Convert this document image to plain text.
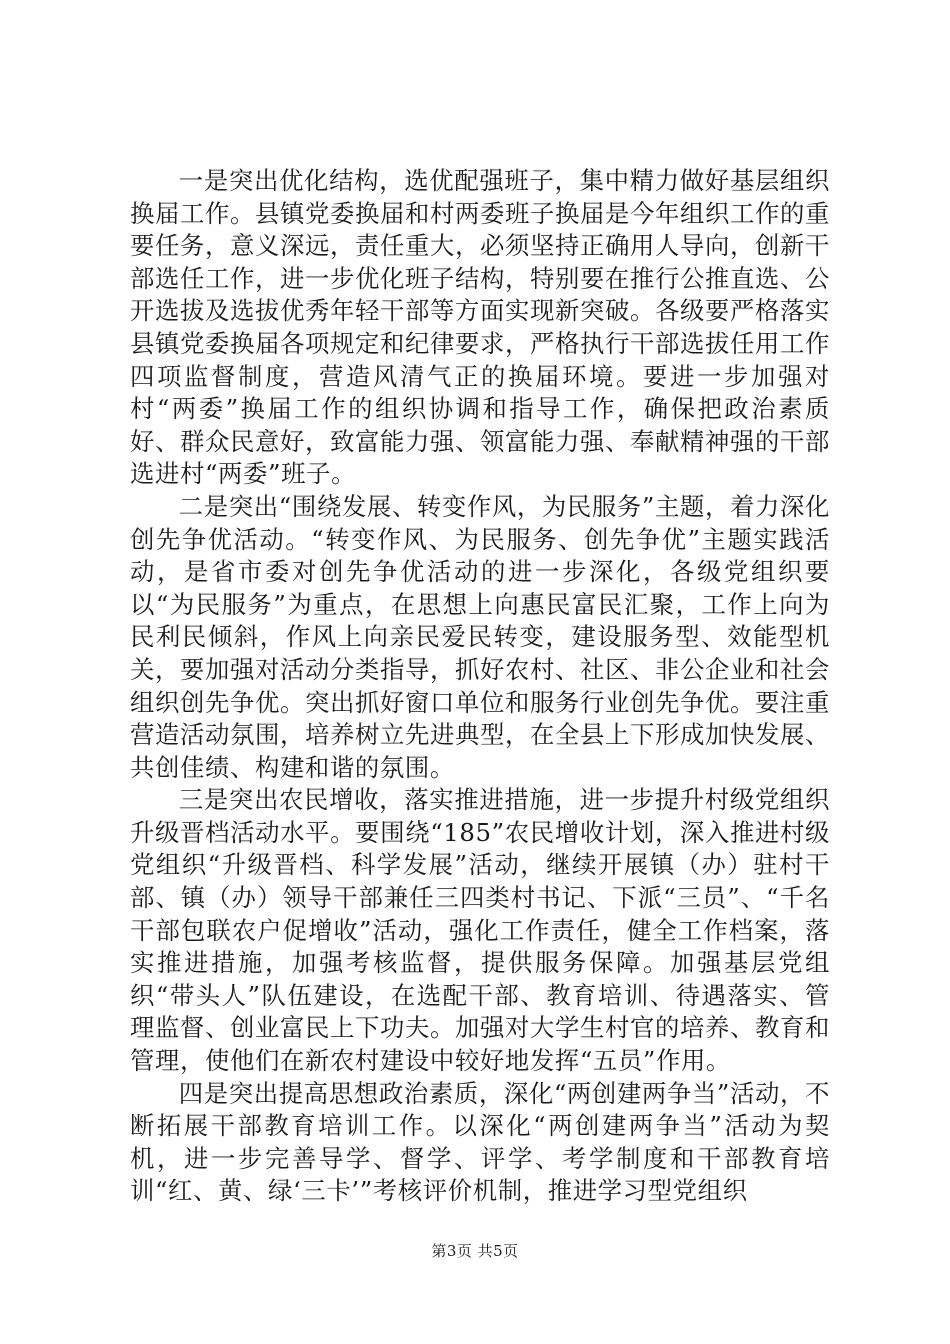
一是突出优化结构，选优配强班子，集中精力做好基层组织换届工作。县镇党委换届和村两委班子换届是今年组织工作的重要任务，意义深远，责任重大，必须坚持正确用人导向，创新干部选任工作，进一步优化班子结构，特别要在推行公推直选、公开选拔及选拔优秀年轻干部等方面实现新突破。各级要严格落实县镇党委换届各项规定和纪律要求，严格执行干部选拔任用工作四项监督制度，营造风清气正的换届环境。要进一步加强对村“两委”换届工作的组织协调和指导工作，确保把政治素质好、群众民意好，致富能力强、领富能力强、奉献精神强的干部选进村“两委”班子。

二是突出“围绕发展、转变作风，为民服务”主题，着力深化创先争优活动。“转变作风、为民服务、创先争优”主题实践活动，是省市委对创先争优活动的进一步深化，各级党组织要以“为民服务”为重点，在思想上向惠民富民汇聚，工作上向为民利民倾斜，作风上向亲民爱民转变，建设服务型、效能型机关，要加强对活动分类指导，抓好农村、社区、非公企业和社会组织创先争优。突出抓好窗口单位和服务行业创先争优。要注重营造活动氛围，培养树立先进典型，在全县上下形成加快发展、共创佳绩、构建和谐的氛围。

三是突出农民增收，落实推进措施，进一步提升村级党组织升级晋档活动水平。要围绕“185”农民增收计划，深入推进村级党组织“升级晋档、科学发展”活动，继续开展镇（办）驻村干部、镇（办）领导干部兼任三四类村书记、下派“三员”、“千名干部包联农户促增收”活动，强化工作责任，健全工作档案，落实推进措施，加强考核监督，提供服务保障。加强基层党组织“带头人”队伍建设，在选配干部、教育培训、待遇落实、管理监督、创业富民上下功夫。加强对大学生村官的培养、教育和管理，使他们在新农村建设中较好地发挥“五员”作用。

四是突出提高思想政治素质，深化“两创建两争当”活动，不断拓展干部教育培训工作。以深化“两创建两争当”活动为契机，进一步完善导学、督学、评学、考学制度和干部教育培训“红、黄、绿‘三卡’”考核评价机制，推进学习型党组织

第3页 共5页
